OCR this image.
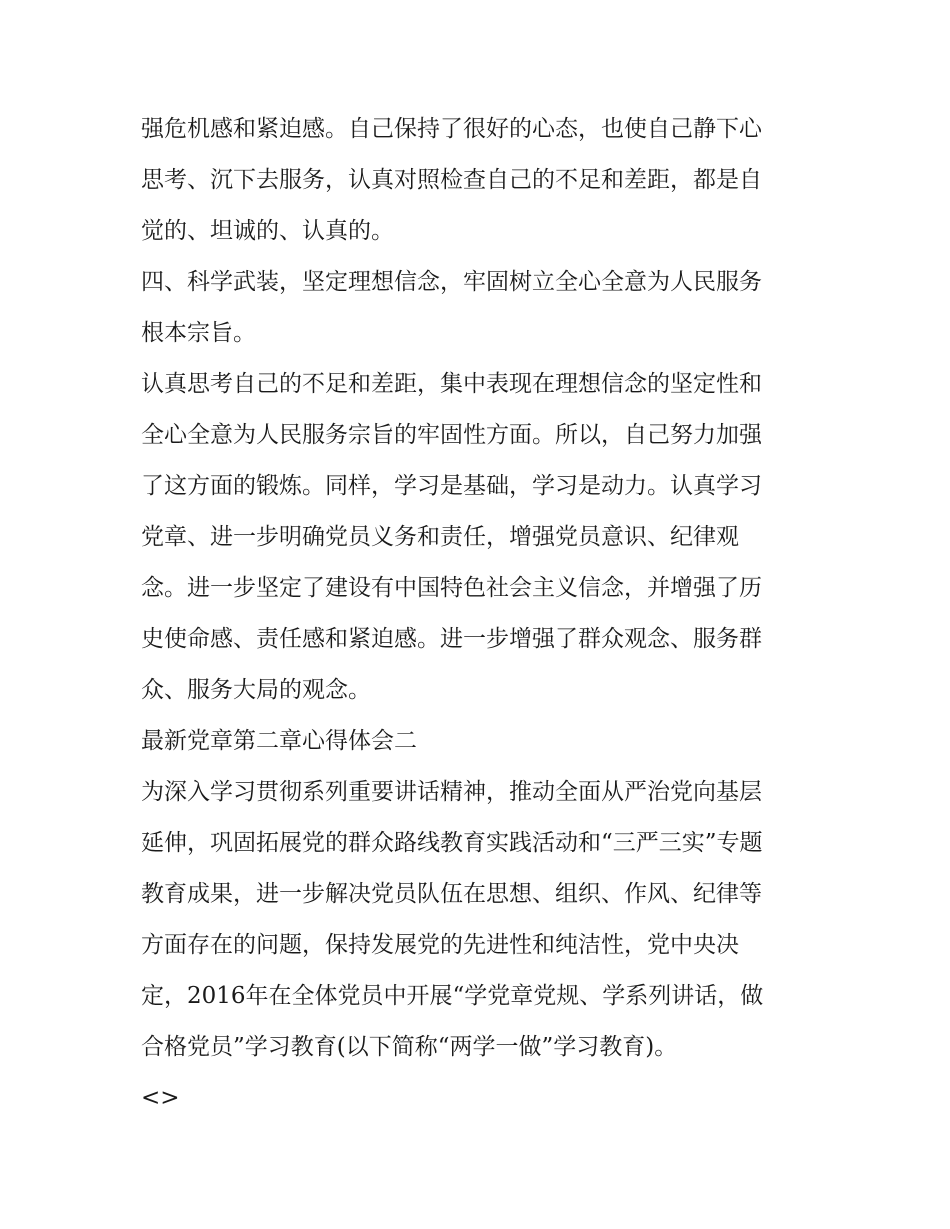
强危机感和紧迫感。自己保持了很好的心态，也使自己静下心
思考、沉下去服务，认真对照检查自己的不足和差距，都是自
觉的、坦诚的、认真的。
四、科学武装，坚定理想信念，牢固树立全心全意为人民服务
根本宗旨。
认真思考自己的不足和差距，集中表现在理想信念的坚定性和
全心全意为人民服务宗旨的牢固性方面。所以，自己努力加强
了这方面的锻炼。同样，学习是基础，学习是动力。认真学习
党章、进一步明确党员义务和责任，增强党员意识、纪律观
念。进一步坚定了建设有中国特色社会主义信念，并增强了历
史使命感、责任感和紧迫感。进一步增强了群众观念、服务群
众、服务大局的观念。
最新党章第二章心得体会二
为深入学习贯彻系列重要讲话精神，推动全面从严治党向基层
延伸，巩固拓展党的群众路线教育实践活动和“三严三实”专题
教育成果，进一步解决党员队伍在思想、组织、作风、纪律等
方面存在的问题，保持发展党的先进性和纯洁性，党中央决
定，2016年在全体党员中开展“学党章党规、学系列讲话，做
合格党员”学习教育(以下简称“两学一做”学习教育)。
<>
